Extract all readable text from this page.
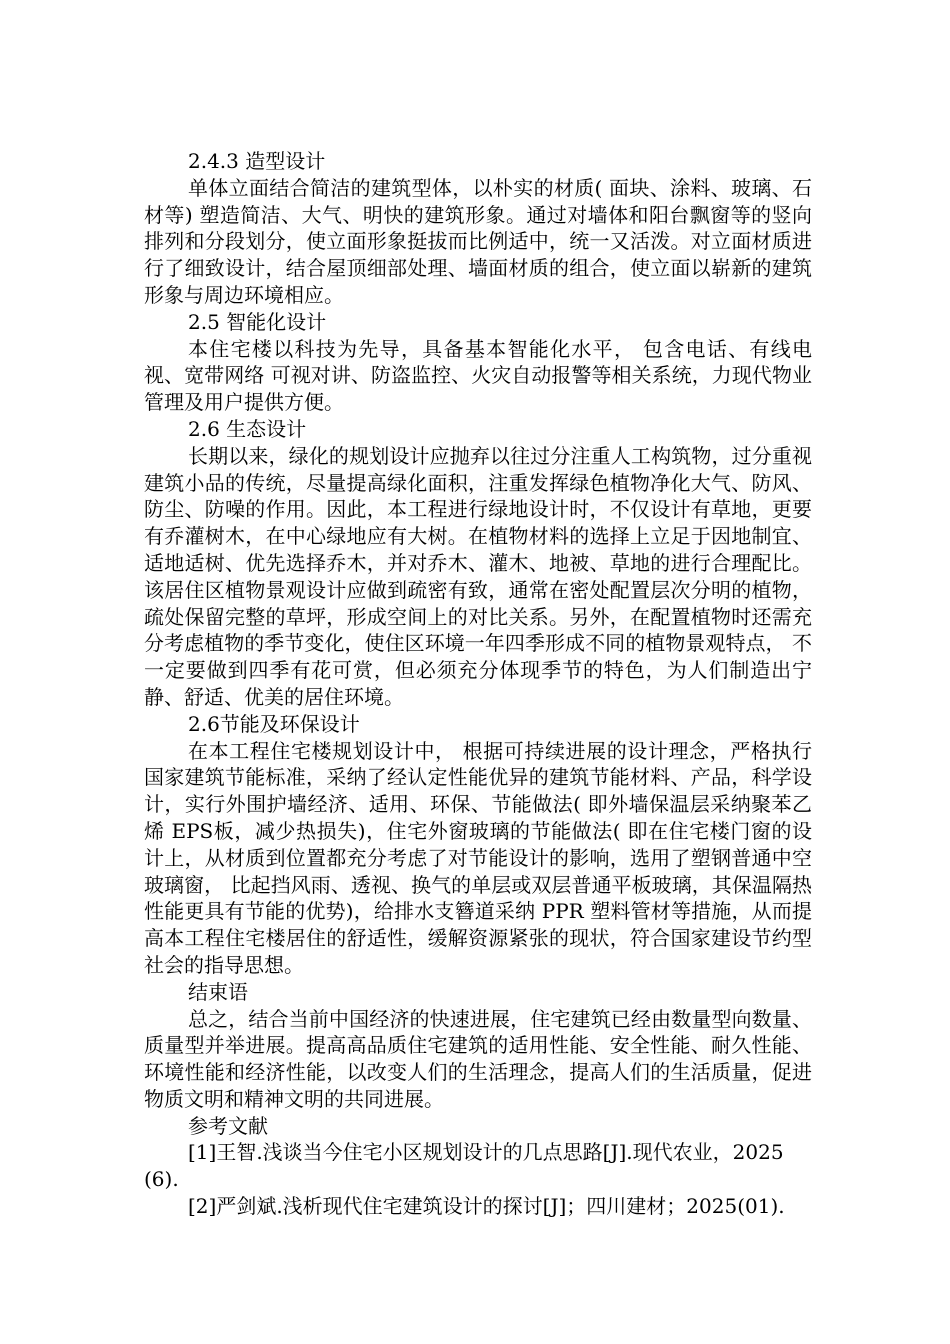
2.4.3 造型设计

单体立面结合简洁的建筑型体，以朴实的材质( 面块、涂料、玻璃、石材等) 塑造简洁、大气、明快的建筑形象。通过对墙体和阳台飘窗等的竖向排列和分段划分，使立面形象挺拔而比例适中，统一又活泼。对立面材质进行了细致设计，结合屋顶细部处理、墙面材质的组合，使立面以崭新的建筑形象与周边环境相应。

2.5 智能化设计

本住宅楼以科技为先导，具备基本智能化水平， 包含电话、有线电视、宽带网络 可视对讲、防盗监控、火灾自动报警等相关系统，力现代物业管理及用户提供方便。

2.6 生态设计

长期以来，绿化的规划设计应抛弃以往过分注重人工构筑物，过分重视建筑小品的传统，尽量提高绿化面积，注重发挥绿色植物净化大气、防风、防尘、防噪的作用。因此，本工程进行绿地设计时，不仅设计有草地，更要有乔灌树木，在中心绿地应有大树。在植物材料的选择上立足于因地制宜、适地适树、优先选择乔木，并对乔木、灌木、地被、草地的进行合理配比。该居住区植物景观设计应做到疏密有致，通常在密处配置层次分明的植物，疏处保留完整的草坪，形成空间上的对比关系。另外，在配置植物时还需充分考虑植物的季节变化，使住区环境一年四季形成不同的植物景观特点， 不一定要做到四季有花可赏，但必须充分体现季节的特色，为人们制造出宁静、舒适、优美的居住环境。

2.6节能及环保设计

在本工程住宅楼规划设计中， 根据可持续进展的设计理念，严格执行国家建筑节能标准，采纳了经认定性能优异的建筑节能材料、产品，科学设计，实行外围护墙经济、适用、环保、节能做法( 即外墙保温层采纳聚苯乙烯 EPS板，减少热损失)，住宅外窗玻璃的节能做法( 即在住宅楼门窗的设计上，从材质到位置都充分考虑了对节能设计的影响，选用了塑钢普通中空玻璃窗， 比起挡风雨、透视、换气的单层或双层普通平板玻璃，其保温隔热性能更具有节能的优势)，给排水支簪道采纳 PPR 塑料管材等措施，从而提高本工程住宅楼居住的舒适性，缓解资源紧张的现状，符合国家建设节约型社会的指导思想。

结束语

总之，结合当前中国经济的快速进展，住宅建筑已经由数量型向数量、质量型并举进展。提高高品质住宅建筑的适用性能、安全性能、耐久性能、环境性能和经济性能，以改变人们的生活理念，提高人们的生活质量，促进物质文明和精神文明的共同进展。

参考文献

[1]王智.浅谈当今住宅小区规划设计的几点思路[J].现代农业，2025(6).

[2]严剑斌.浅析现代住宅建筑设计的探讨[J]；四川建材；2025(01).
